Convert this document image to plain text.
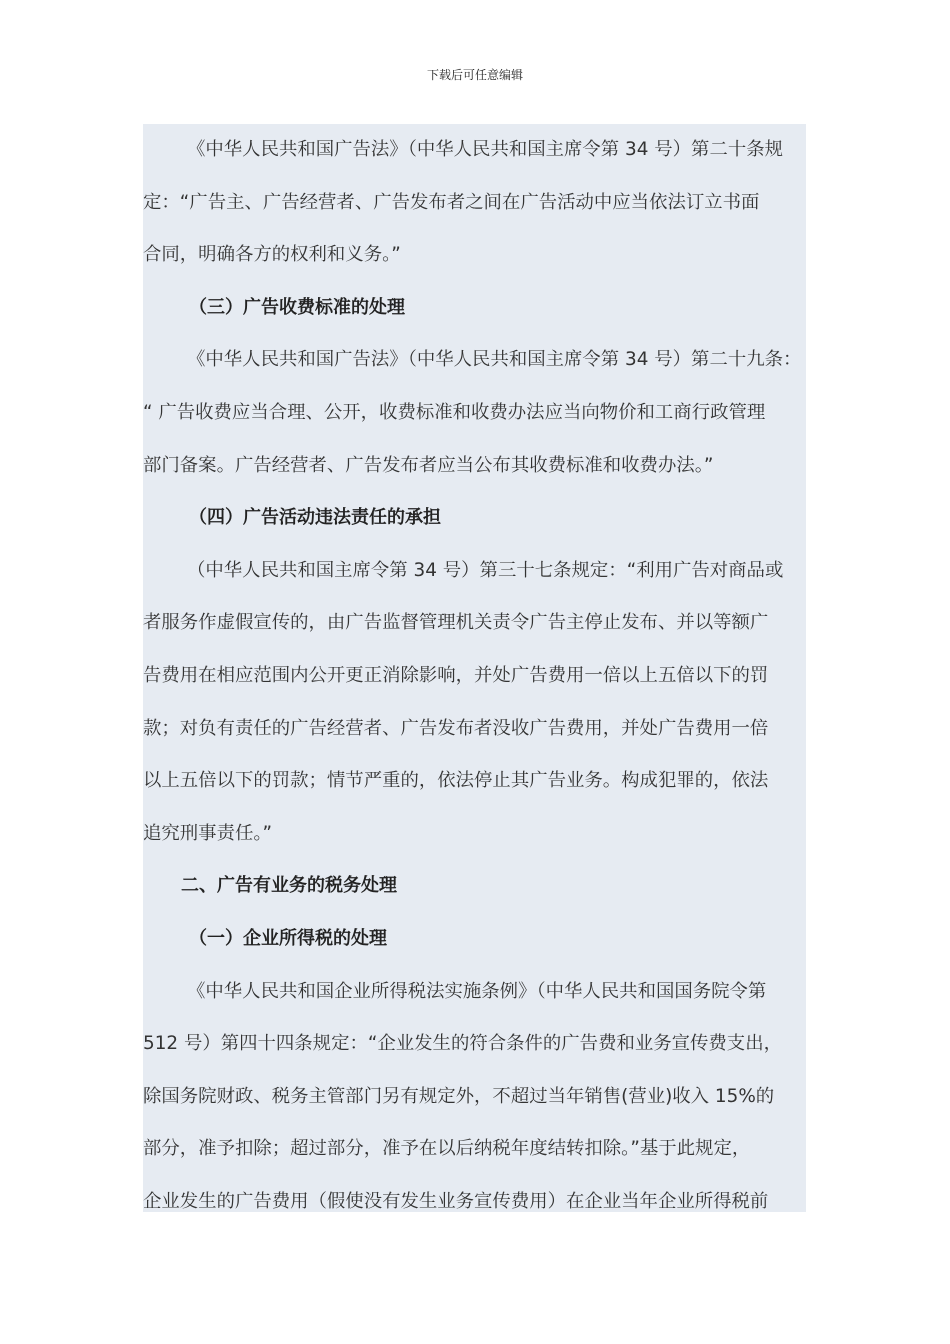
下载后可任意编辑
《中华人民共和国广告法》（中华人民共和国主席令第 34 号）第二十条规
定：“广告主、广告经营者、广告发布者之间在广告活动中应当依法订立书面
合同，明确各方的权利和义务。”
（三）广告收费标准的处理
《中华人民共和国广告法》（中华人民共和国主席令第 34 号）第二十九条：
“ 广告收费应当合理、公开，收费标准和收费办法应当向物价和工商行政管理
部门备案。广告经营者、广告发布者应当公布其收费标准和收费办法。”
（四）广告活动违法责任的承担
（中华人民共和国主席令第 34 号）第三十七条规定：“利用广告对商品或
者服务作虚假宣传的，由广告监督管理机关责令广告主停止发布、并以等额广
告费用在相应范围内公开更正消除影响，并处广告费用一倍以上五倍以下的罚
款；对负有责任的广告经营者、广告发布者没收广告费用，并处广告费用一倍
以上五倍以下的罚款；情节严重的，依法停止其广告业务。构成犯罪的，依法
追究刑事责任。”
二、广告有业务的税务处理
（一）企业所得税的处理
《中华人民共和国企业所得税法实施条例》（中华人民共和国国务院令第
512 号）第四十四条规定：“企业发生的符合条件的广告费和业务宣传费支出，
除国务院财政、税务主管部门另有规定外，不超过当年销售(营业)收入 15%的
部分，准予扣除；超过部分，准予在以后纳税年度结转扣除。”基于此规定，
企业发生的广告费用（假使没有发生业务宣传费用）在企业当年企业所得税前
